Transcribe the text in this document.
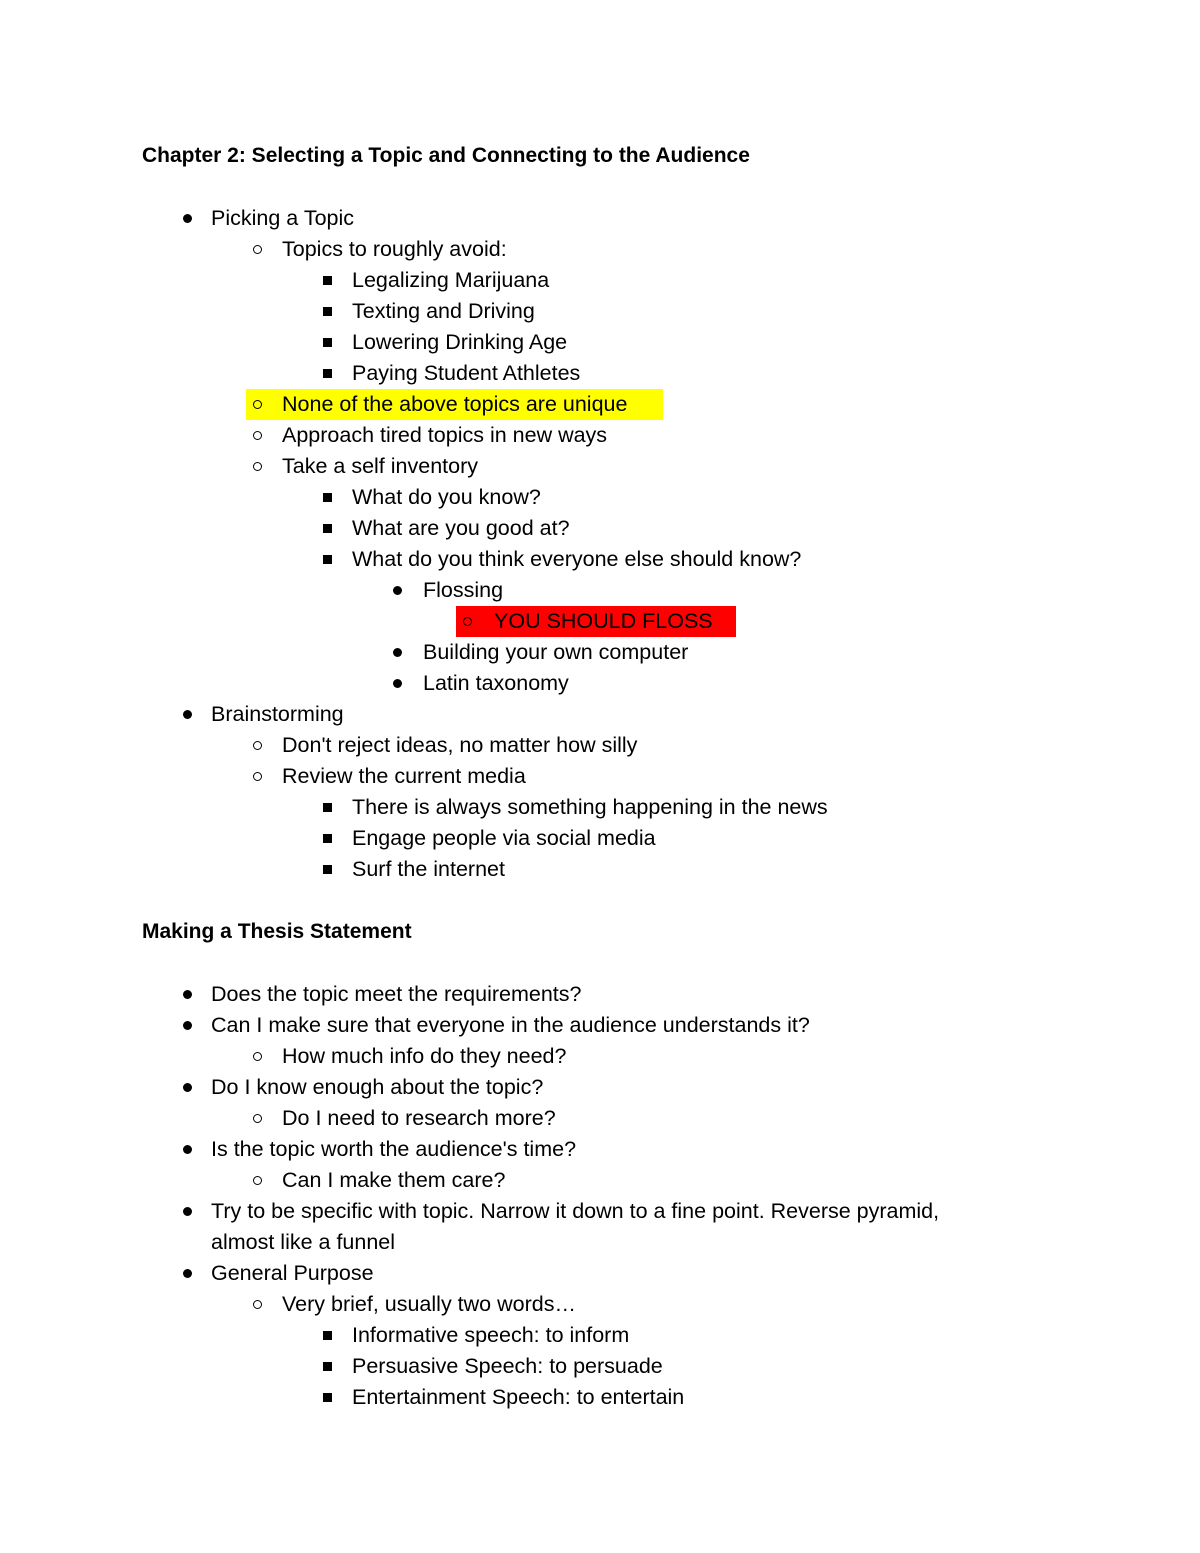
Chapter 2: Selecting a Topic and Connecting to the Audience
Picking a Topic
Topics to roughly avoid:
Legalizing Marijuana
Texting and Driving
Lowering Drinking Age
Paying Student Athletes
None of the above topics are unique
Approach tired topics in new ways
Take a self inventory
What do you know?
What are you good at?
What do you think everyone else should know?
Flossing
YOU SHOULD FLOSS
Building your own computer
Latin taxonomy
Brainstorming
Don't reject ideas, no matter how silly
Review the current media
There is always something happening in the news
Engage people via social media
Surf the internet
Making a Thesis Statement
Does the topic meet the requirements?
Can I make sure that everyone in the audience understands it?
How much info do they need?
Do I know enough about the topic?
Do I need to research more?
Is the topic worth the audience's time?
Can I make them care?
Try to be specific with topic. Narrow it down to a fine point. Reverse pyramid,
almost like a funnel
General Purpose
Very brief, usually two words…
Informative speech: to inform
Persuasive Speech: to persuade
Entertainment Speech: to entertain
